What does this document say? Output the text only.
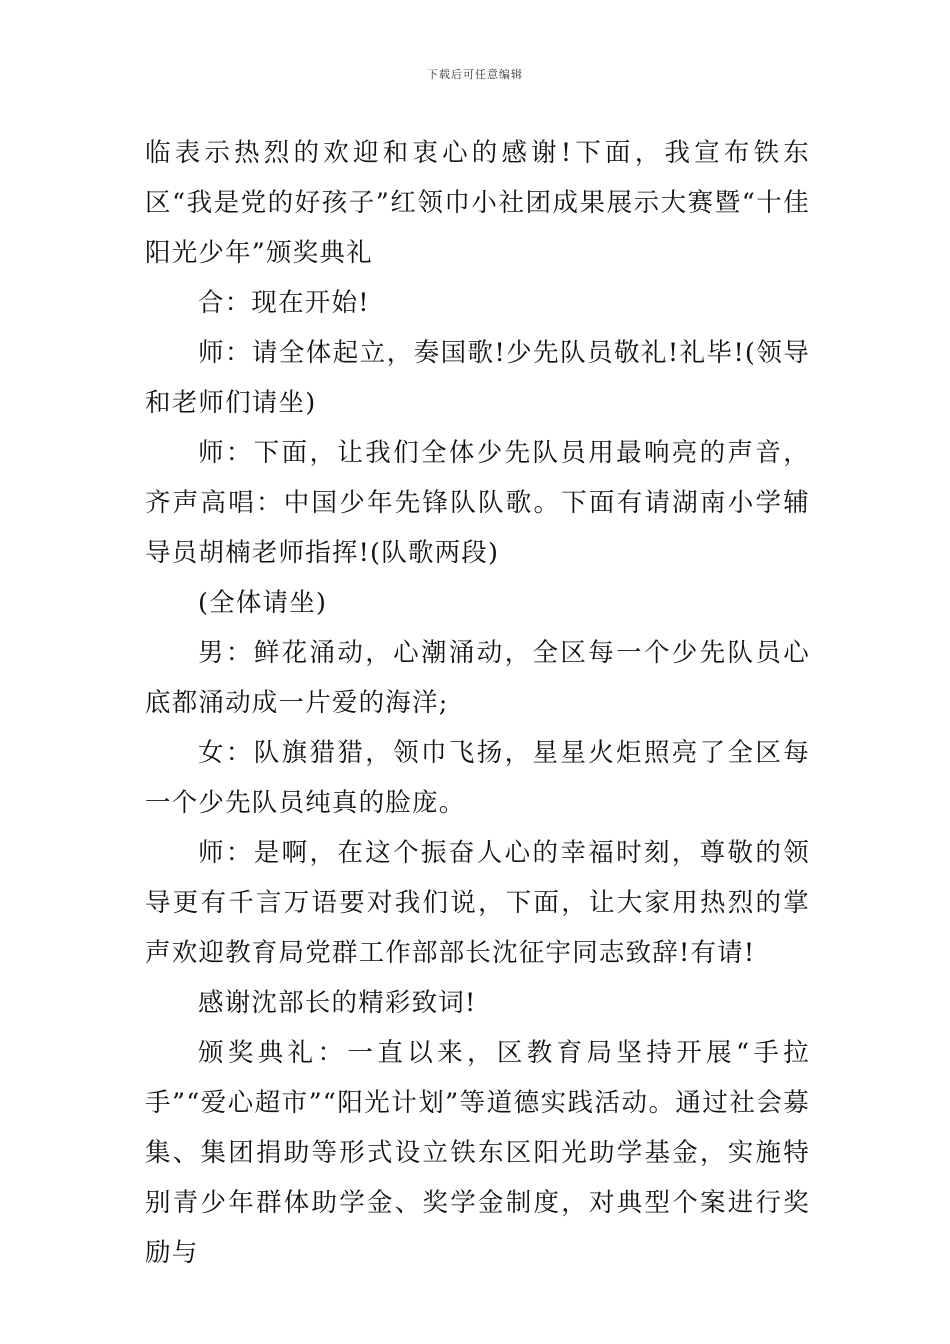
下载后可任意编辑

临表示热烈的欢迎和衷心的感谢!下面，我宣布铁东区“我是党的好孩子”红领巾小社团成果展示大赛暨“十佳阳光少年”颁奖典礼

合：现在开始!

师：请全体起立，奏国歌!少先队员敬礼!礼毕!(领导和老师们请坐)

师：下面，让我们全体少先队员用最响亮的声音，齐声高唱：中国少年先锋队队歌。下面有请湖南小学辅导员胡楠老师指挥!(队歌两段)

(全体请坐)

男：鲜花涌动，心潮涌动，全区每一个少先队员心底都涌动成一片爱的海洋;

女：队旗猎猎，领巾飞扬，星星火炬照亮了全区每一个少先队员纯真的脸庞。

师：是啊，在这个振奋人心的幸福时刻，尊敬的领导更有千言万语要对我们说，下面，让大家用热烈的掌声欢迎教育局党群工作部部长沈征宇同志致辞!有请!

感谢沈部长的精彩致词!

颁奖典礼：一直以来，区教育局坚持开展“手拉手”“爱心超市”“阳光计划”等道德实践活动。通过社会募集、集团捐助等形式设立铁东区阳光助学基金，实施特别青少年群体助学金、奖学金制度，对典型个案进行奖励与
